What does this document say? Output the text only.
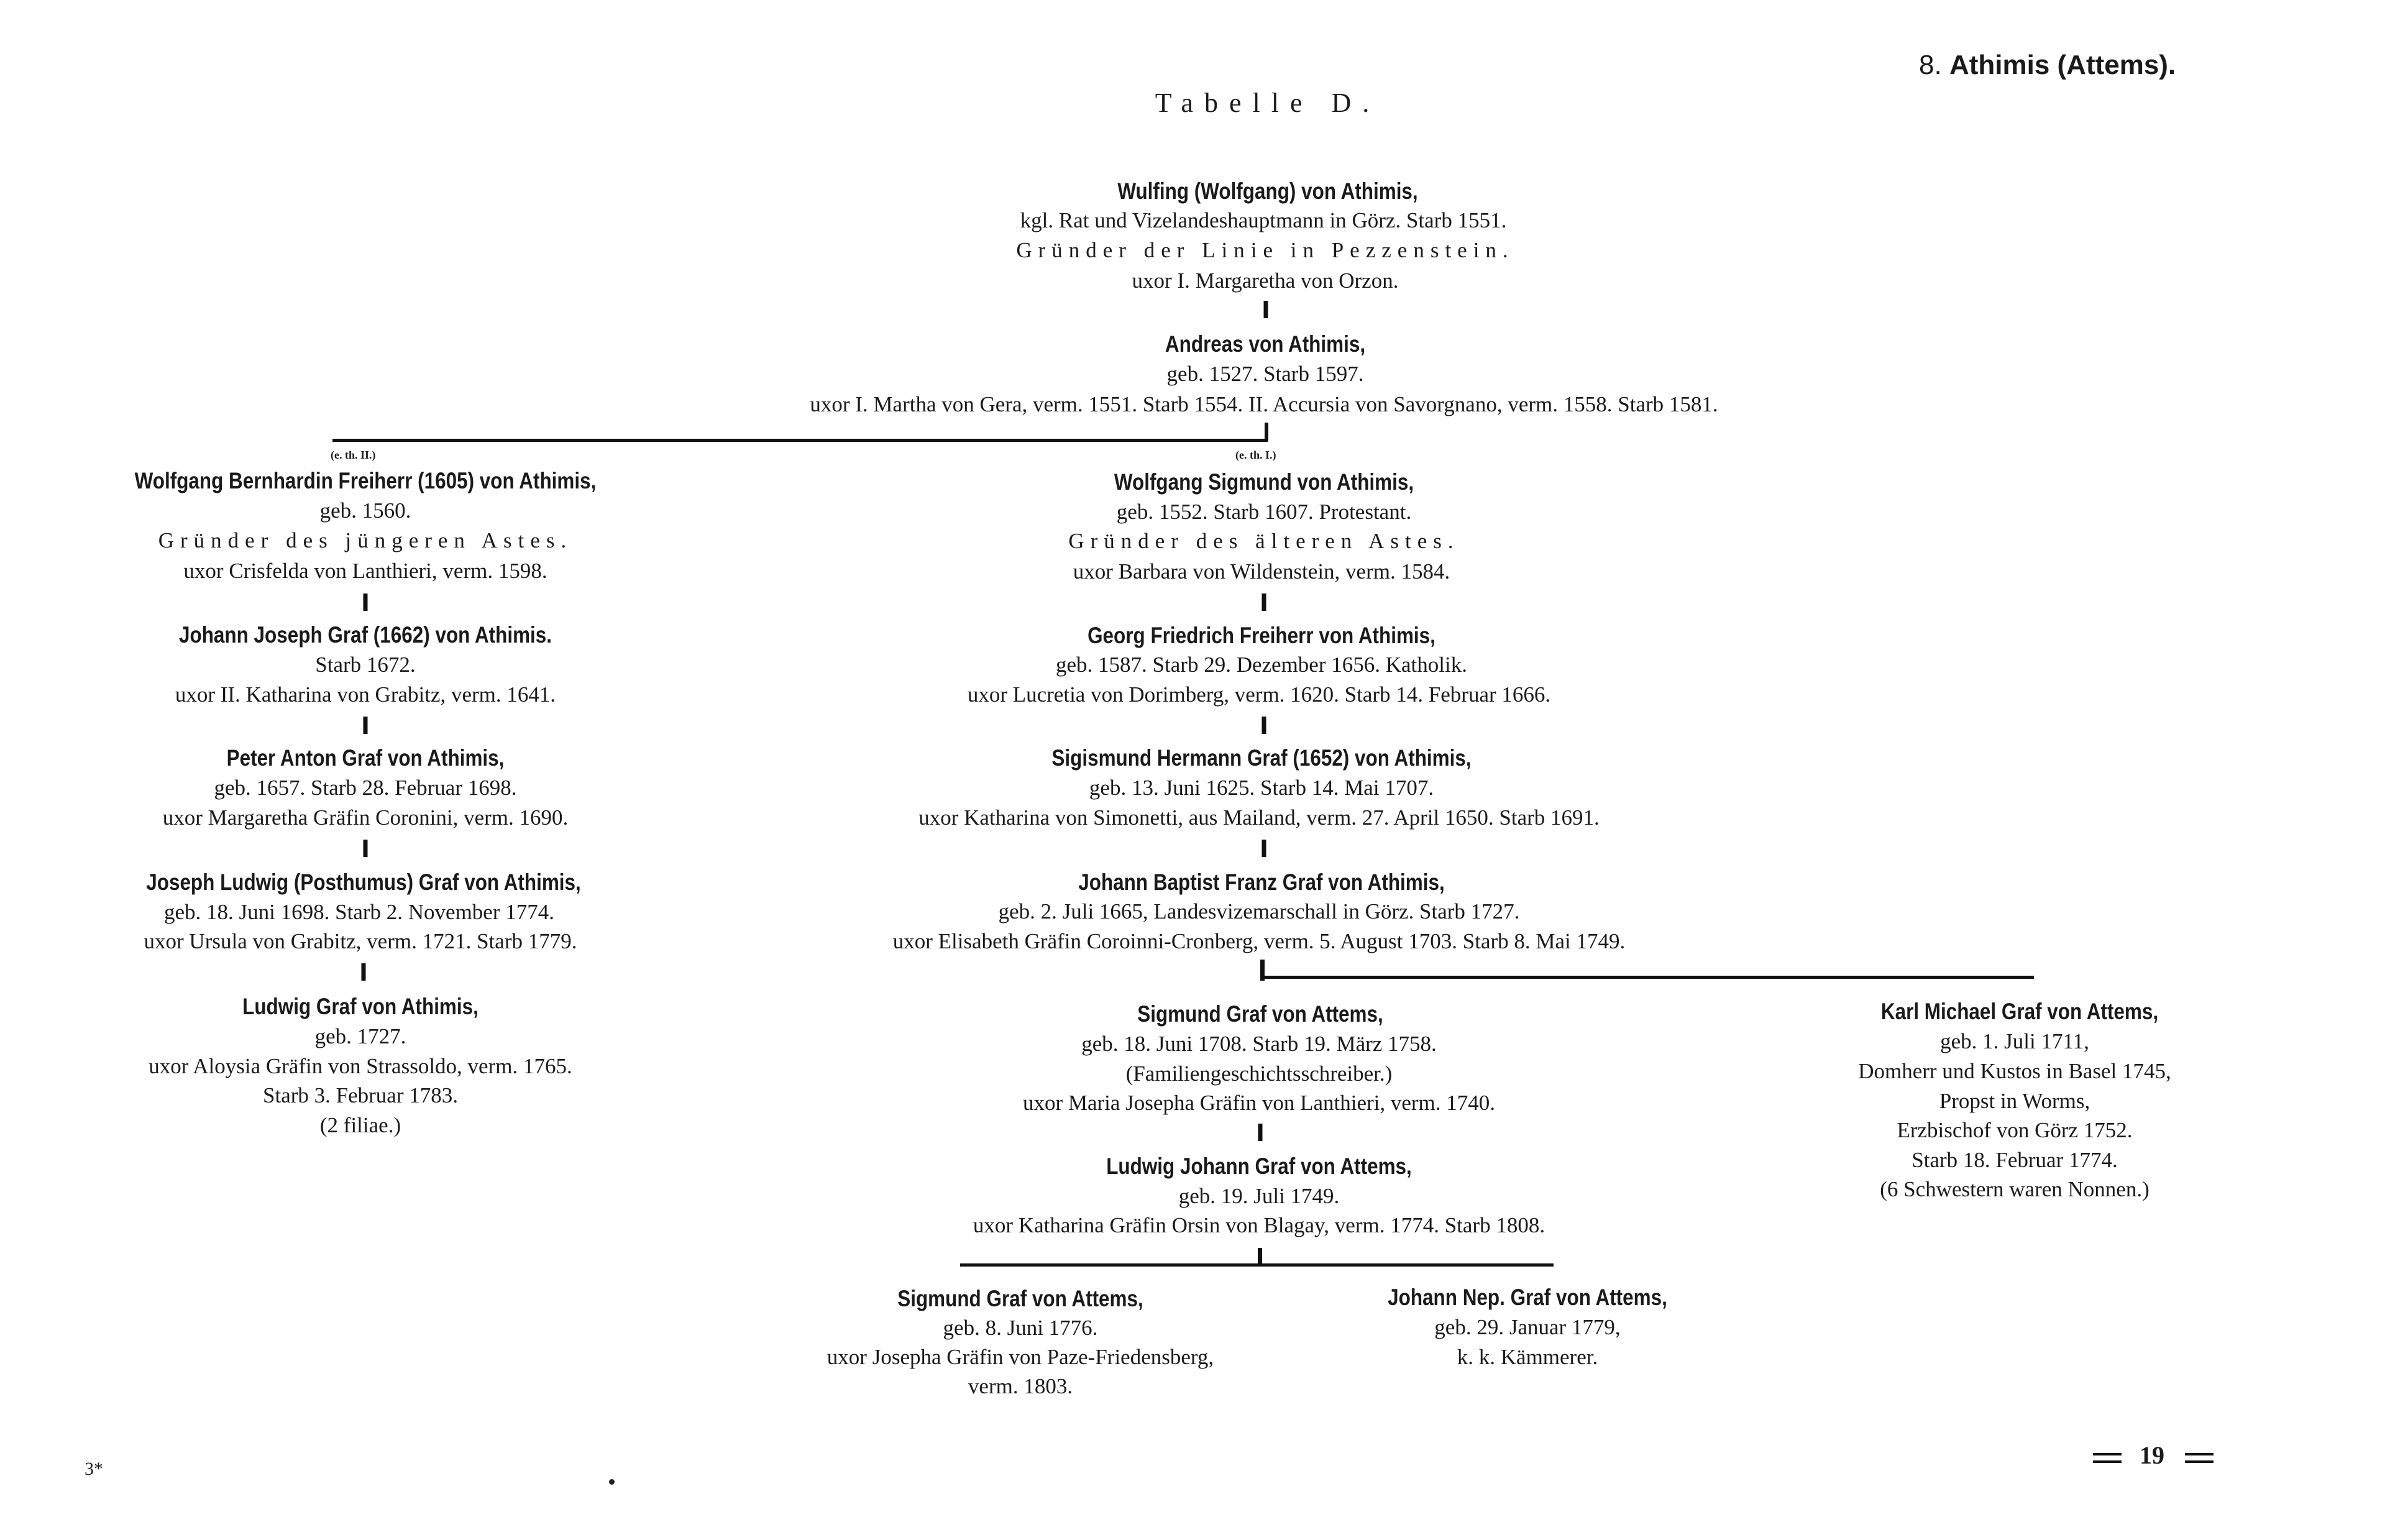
8. Athimis (Attems).
Tabelle D.
Wulfing (Wolfgang) von Athimis,
kgl. Rat und Vizelandeshauptmann in Görz. Starb 1551.
Gründer der Linie in Pezzenstein.
uxor I. Margaretha von Orzon.
Andreas von Athimis,
geb. 1527. Starb 1597.
uxor I. Martha von Gera, verm. 1551. Starb 1554. II. Accursia von Savorgnano, verm. 1558. Starb 1581.
(e. th. II.)	(e. th. I.)
Wolfgang Bernhardin Freiherr (1605) von Athimis,
geb. 1560.
Gründer des jüngeren Astes.
uxor Crisfelda von Lanthieri, verm. 1598.
Johann Joseph Graf (1662) von Athimis.
Starb 1672.
uxor II. Katharina von Grabitz, verm. 1641.
Peter Anton Graf von Athimis,
geb. 1657. Starb 28. Februar 1698.
uxor Margaretha Gräfin Coronini, verm. 1690.
Joseph Ludwig (Posthumus) Graf von Athimis,
geb. 18. Juni 1698. Starb 2. November 1774.
uxor Ursula von Grabitz, verm. 1721. Starb 1779.
Ludwig Graf von Athimis,
geb. 1727.
uxor Aloysia Gräfin von Strassoldo, verm. 1765.
Starb 3. Februar 1783.
(2 filiae.)
Wolfgang Sigmund von Athimis,
geb. 1552. Starb 1607. Protestant.
Gründer des älteren Astes.
uxor Barbara von Wildenstein, verm. 1584.
Georg Friedrich Freiherr von Athimis,
geb. 1587. Starb 29. Dezember 1656. Katholik.
uxor Lucretia von Dorimberg, verm. 1620. Starb 14. Februar 1666.
Sigismund Hermann Graf (1652) von Athimis,
geb. 13. Juni 1625. Starb 14. Mai 1707.
uxor Katharina von Simonetti, aus Mailand, verm. 27. April 1650. Starb 1691.
Johann Baptist Franz Graf von Athimis,
geb. 2. Juli 1665, Landesvizemarschall in Görz. Starb 1727.
uxor Elisabeth Gräfin Coroinni-Cronberg, verm. 5. August 1703. Starb 8. Mai 1749.
Sigmund Graf von Attems,
geb. 18. Juni 1708. Starb 19. März 1758.
(Familiengeschichtsschreiber.)
uxor Maria Josepha Gräfin von Lanthieri, verm. 1740.
Ludwig Johann Graf von Attems,
geb. 19. Juli 1749.
uxor Katharina Gräfin Orsin von Blagay, verm. 1774. Starb 1808.
Karl Michael Graf von Attems,
geb. 1. Juli 1711,
Domherr und Kustos in Basel 1745,
Propst in Worms,
Erzbischof von Görz 1752.
Starb 18. Februar 1774.
(6 Schwestern waren Nonnen.)
Sigmund Graf von Attems,
geb. 8. Juni 1776.
uxor Josepha Gräfin von Paze-Friedensberg,
verm. 1803.
Johann Nep. Graf von Attems,
geb. 29. Januar 1779,
k. k. Kämmerer.
3*	19
